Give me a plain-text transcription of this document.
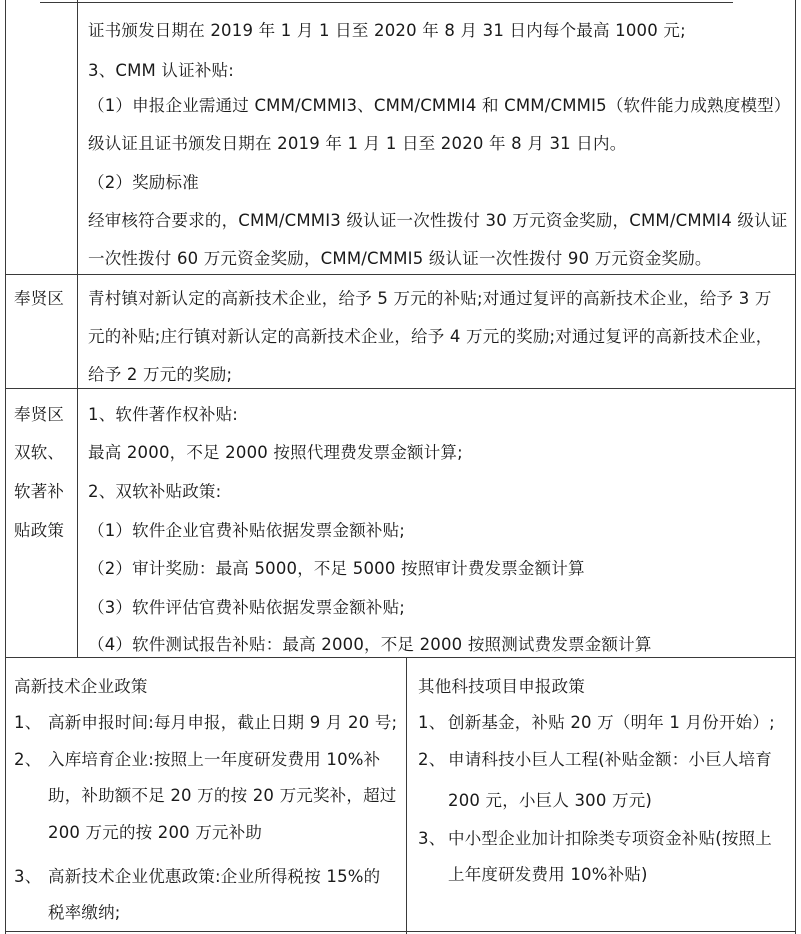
证书颁发日期在 2019 年 1 月 1 日至 2020 年 8 月 31 日内每个最高 1000 元;
3、CMM 认证补贴:
（1）申报企业需通过 CMM/CMMI3、CMM/CMMI4 和 CMM/CMMI5（软件能力成熟度模型）
级认证且证书颁发日期在 2019 年 1 月 1 日至 2020 年 8 月 31 日内。
（2）奖励标准
经审核符合要求的，CMM/CMMI3 级认证一次性拨付 30 万元资金奖励，CMM/CMMI4 级认证
一次性拨付 60 万元资金奖励，CMM/CMMI5 级认证一次性拨付 90 万元资金奖励。
奉贤区 青村镇对新认定的高新技术企业，给予 5 万元的补贴;对通过复评的高新技术企业，给予 3 万
元的补贴;庄行镇对新认定的高新技术企业，给予 4 万元的奖励;对通过复评的高新技术企业，
给予 2 万元的奖励;
奉贤区
双软、
软著补
贴政策
1、软件著作权补贴:
最高 2000，不足 2000 按照代理费发票金额计算;
2、双软补贴政策:
（1）软件企业官费补贴依据发票金额补贴;
（2）审计奖励：最高 5000，不足 5000 按照审计费发票金额计算
（3）软件评估官费补贴依据发票金额补贴;
（4）软件测试报告补贴：最高 2000，不足 2000 按照测试费发票金额计算
高新技术企业政策
1、 高新申报时间:每月申报，截止日期 9 月 20 号;
2、 入库培育企业:按照上一年度研发费用 10%补
助，补助额不足 20 万的按 20 万元奖补，超过
200 万元的按 200 万元补助
3、 高新技术企业优惠政策:企业所得税按 15%的
税率缴纳;
其他科技项目申报政策
1、 创新基金，补贴 20 万（明年 1 月份开始）;
2、 申请科技小巨人工程(补贴金额：小巨人培育
200 元，小巨人 300 万元)
3、 中小型企业加计扣除类专项资金补贴(按照上
上年度研发费用 10%补贴)
